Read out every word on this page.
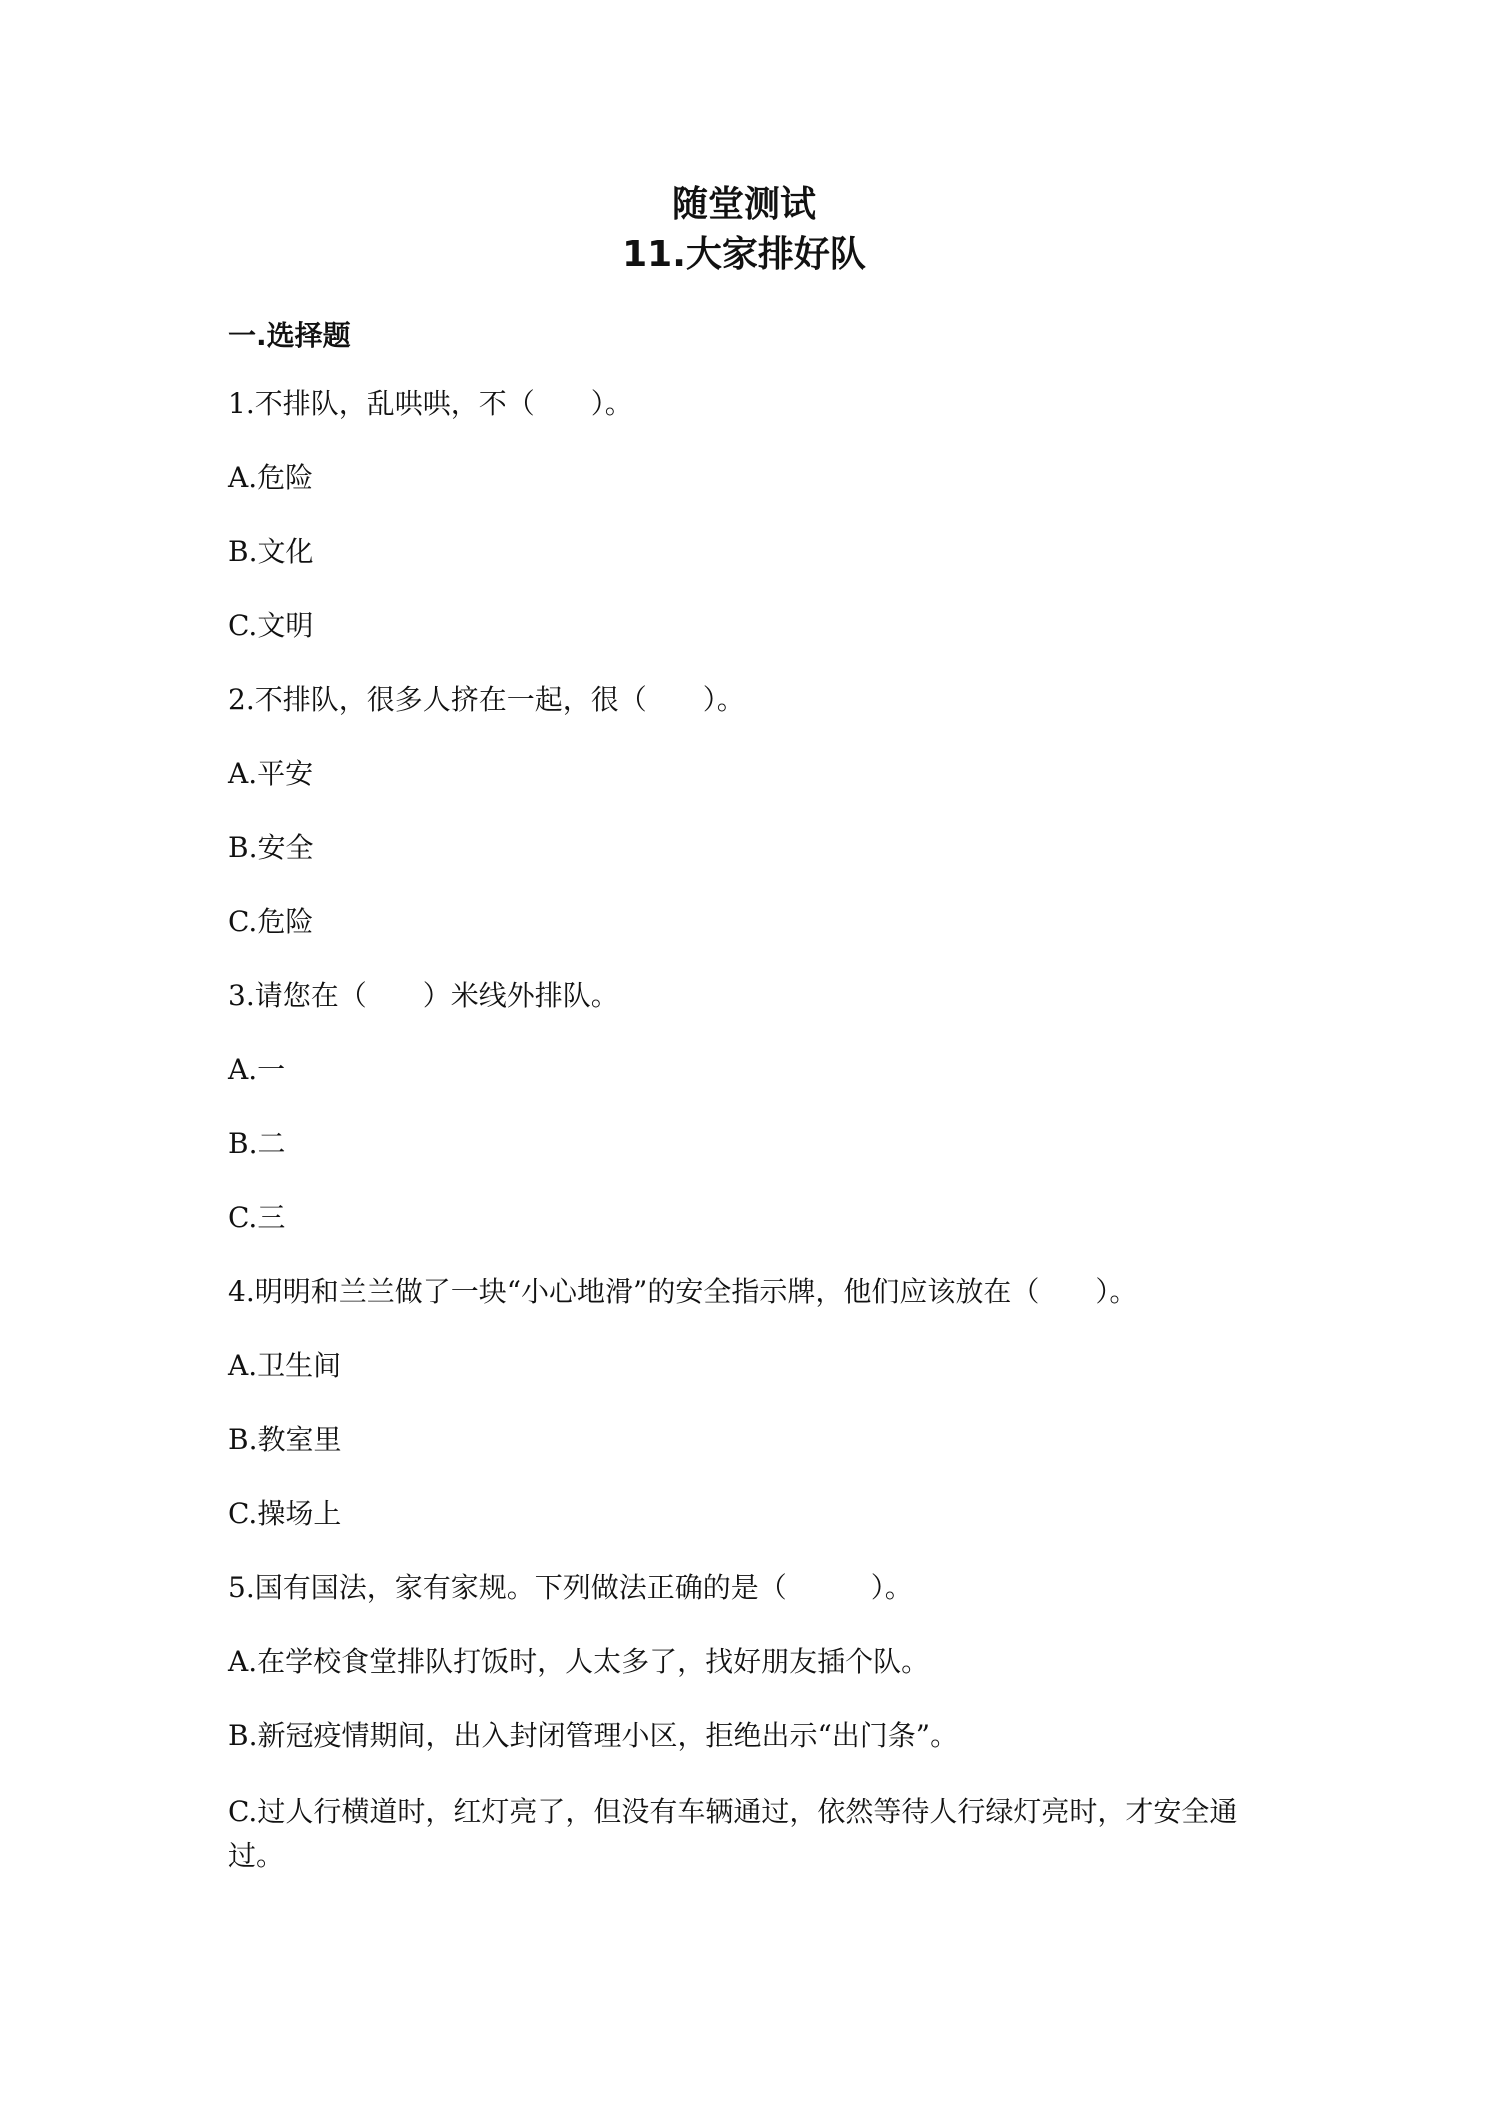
随堂测试

11.大家排好队

一.选择题

1.不排队，乱哄哄，不（　　）。

A.危险

B.文化

C.文明

2.不排队，很多人挤在一起，很（　　）。

A.平安

B.安全

C.危险

3.请您在（　　）米线外排队。

A.一

B.二

C.三

4.明明和兰兰做了一块“小心地滑”的安全指示牌，他们应该放在（　　）。

A.卫生间

B.教室里

C.操场上

5.国有国法，家有家规。下列做法正确的是（　　　）。

A.在学校食堂排队打饭时，人太多了，找好朋友插个队。

B.新冠疫情期间，出入封闭管理小区，拒绝出示“出门条”。

C.过人行横道时，红灯亮了，但没有车辆通过，依然等待人行绿灯亮时，才安全通过。
